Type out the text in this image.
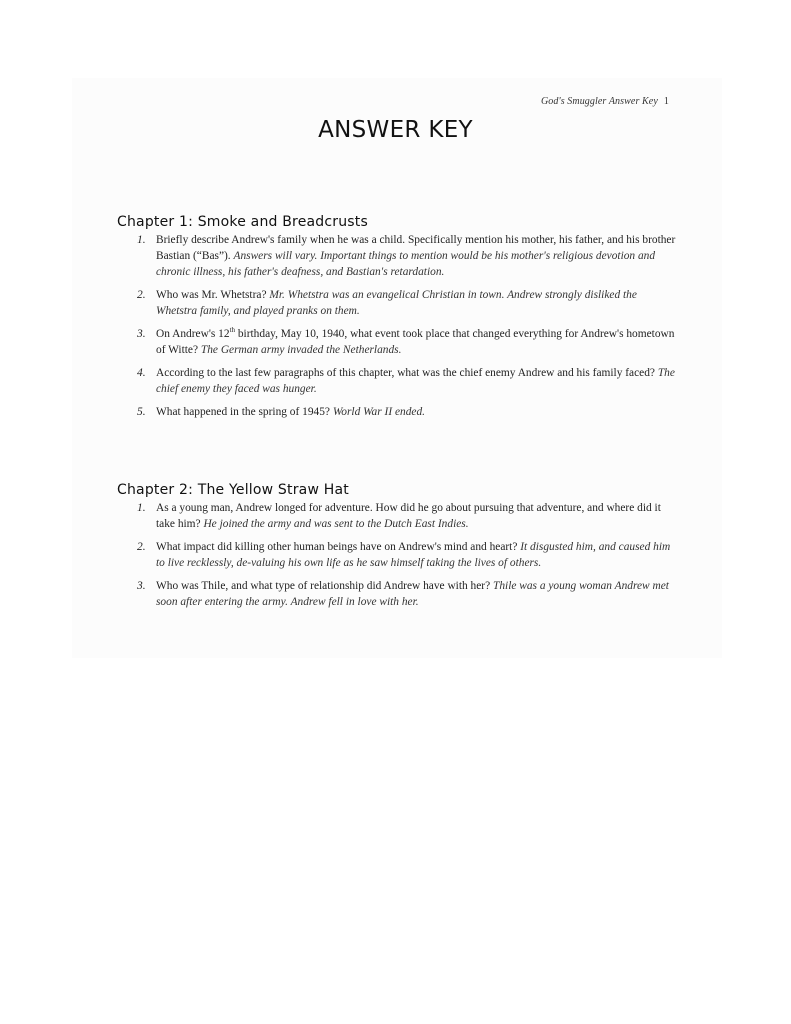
God's Smuggler Answer Key 1
ANSWER KEY
Chapter 1: Smoke and Breadcrusts
1. Briefly describe Andrew's family when he was a child. Specifically mention his mother, his father, and his brother Bastian (“Bas”). Answers will vary. Important things to mention would be his mother's religious devotion and chronic illness, his father's deafness, and Bastian's retardation.
2. Who was Mr. Whetstra? Mr. Whetstra was an evangelical Christian in town. Andrew strongly disliked the Whetstra family, and played pranks on them.
3. On Andrew's 12th birthday, May 10, 1940, what event took place that changed everything for Andrew's hometown of Witte? The German army invaded the Netherlands.
4. According to the last few paragraphs of this chapter, what was the chief enemy Andrew and his family faced? The chief enemy they faced was hunger.
5. What happened in the spring of 1945? World War II ended.
Chapter 2: The Yellow Straw Hat
1. As a young man, Andrew longed for adventure. How did he go about pursuing that adventure, and where did it take him? He joined the army and was sent to the Dutch East Indies.
2. What impact did killing other human beings have on Andrew's mind and heart? It disgusted him, and caused him to live recklessly, de-valuing his own life as he saw himself taking the lives of others.
3. Who was Thile, and what type of relationship did Andrew have with her? Thile was a young woman Andrew met soon after entering the army. Andrew fell in love with her.
